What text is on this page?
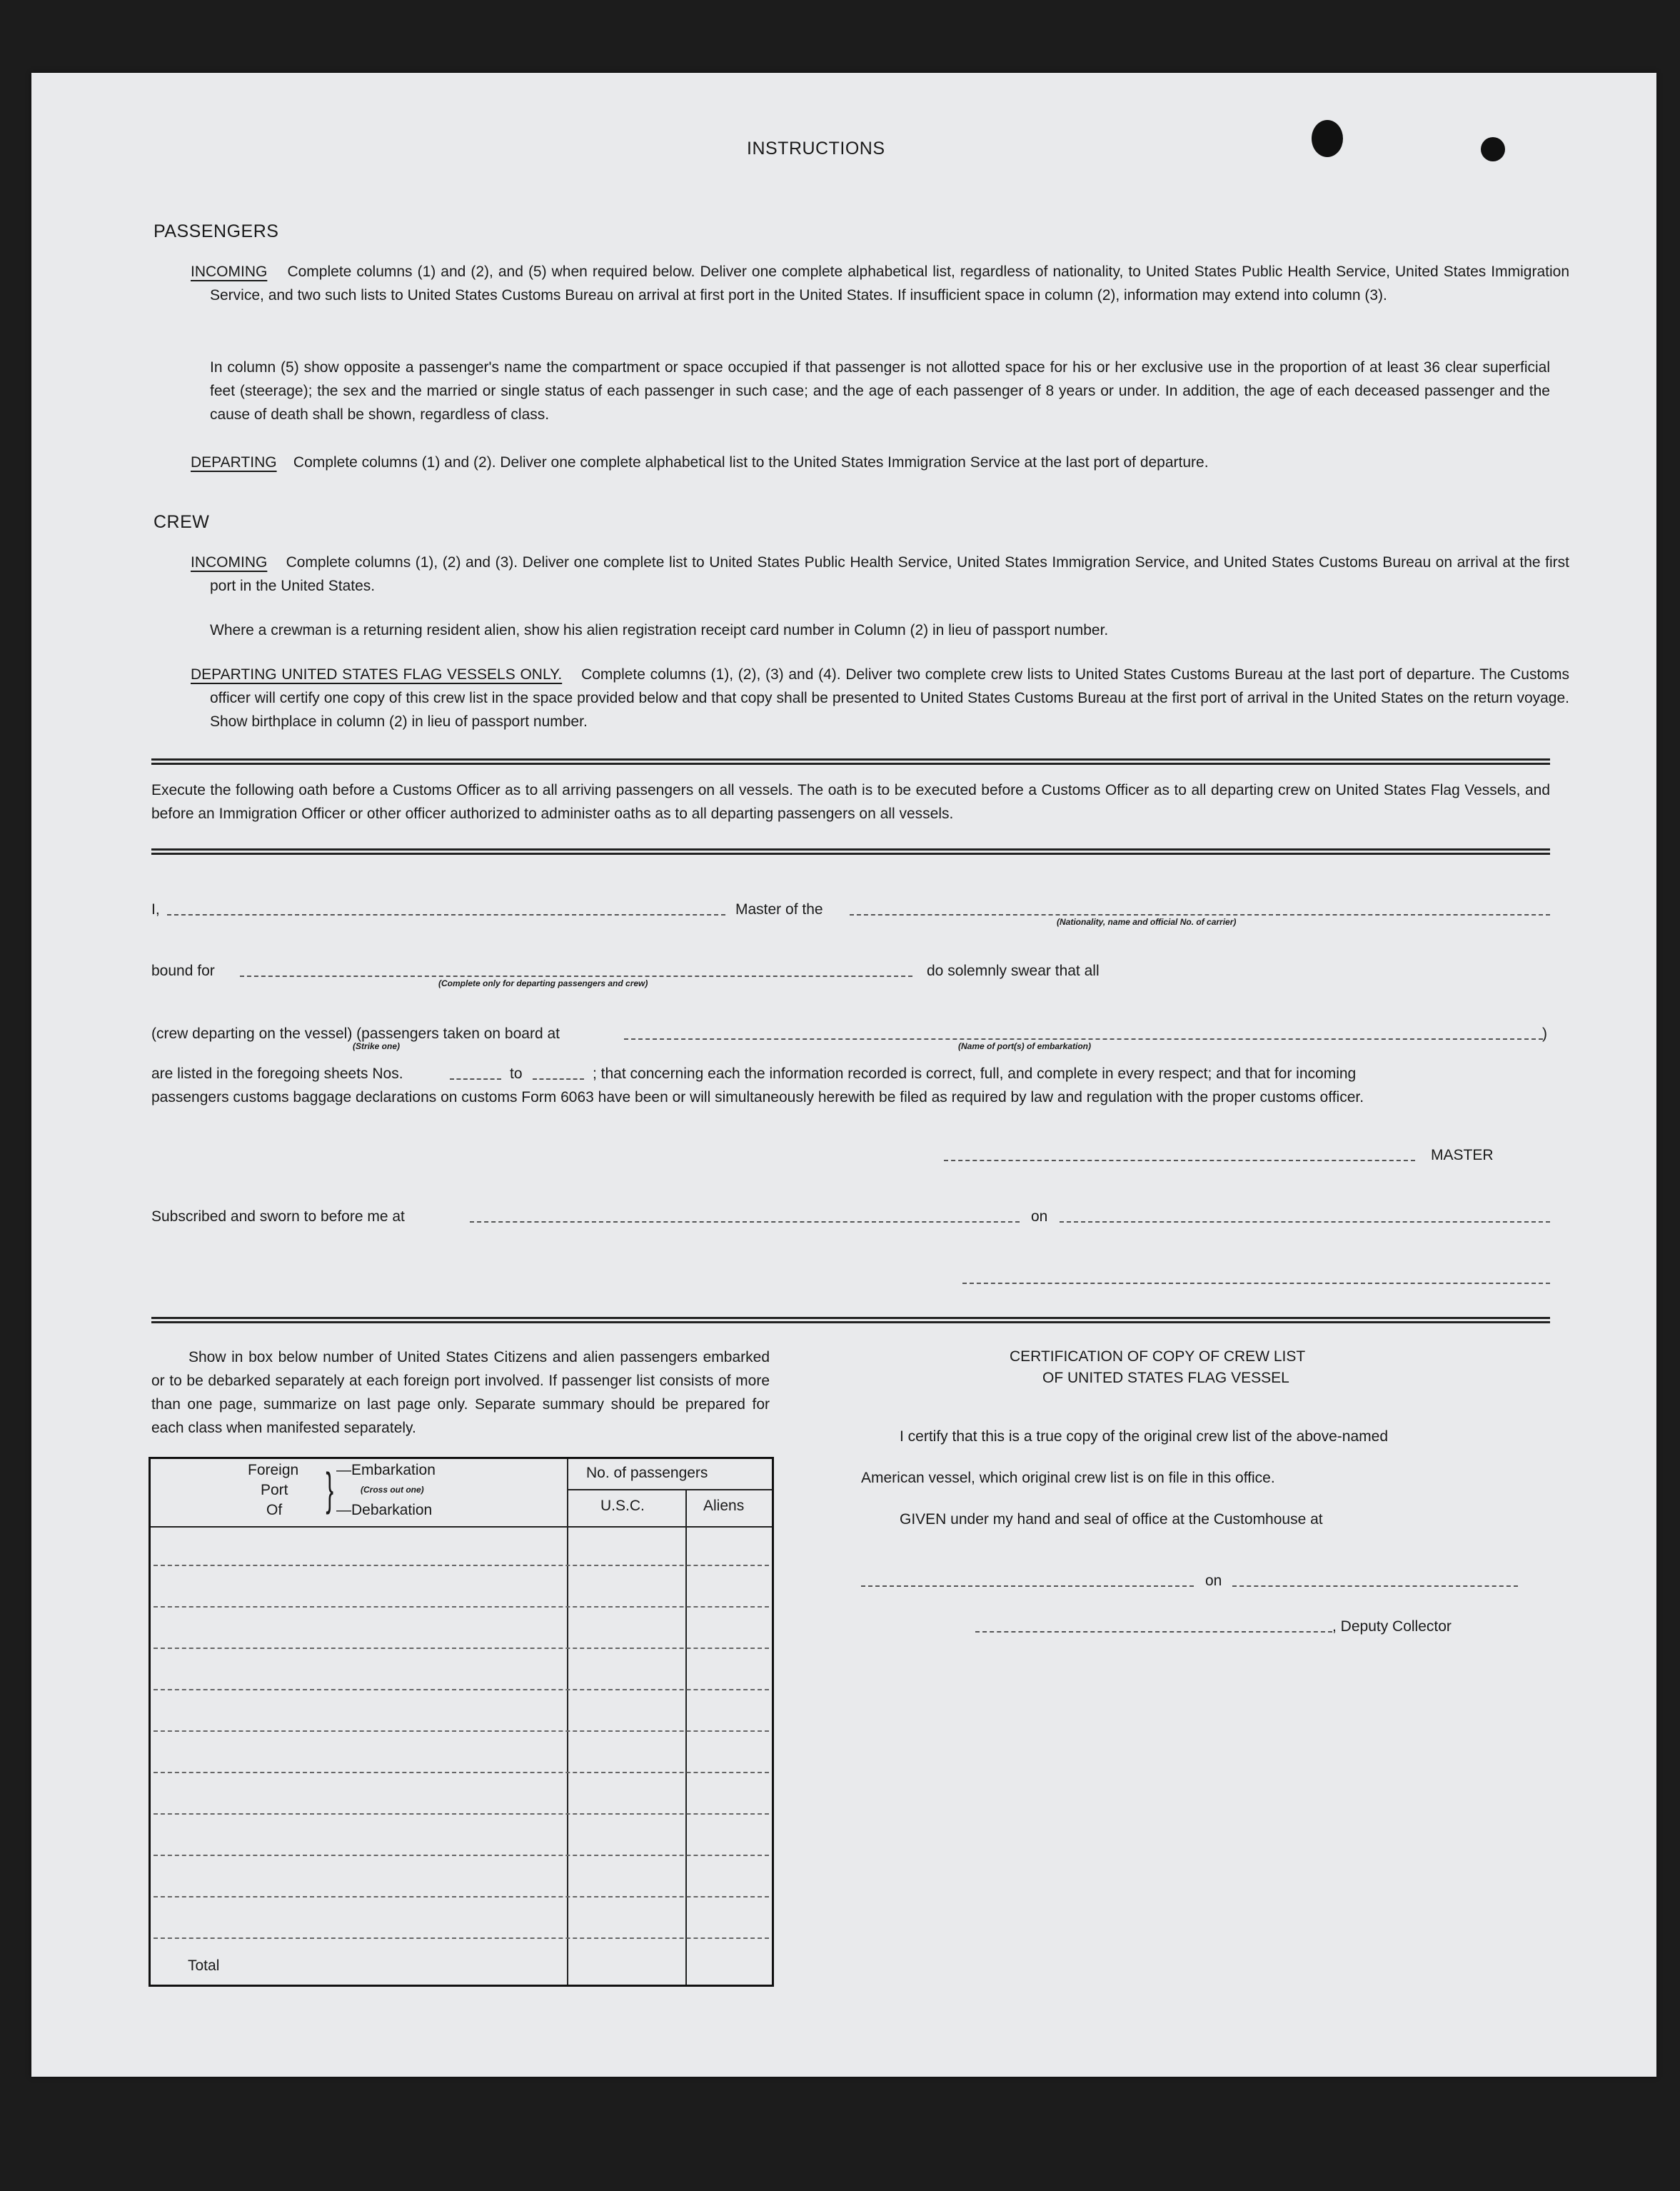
INSTRUCTIONS
PASSENGERS
INCOMING Complete columns (1) and (2), and (5) when required below. Deliver one complete alphabetical list, regardless of nationality, to United States Public Health Service, United States Immigration Service, and two such lists to United States Customs Bureau on arrival at first port in the United States. If insufficient space in column (2), information may extend into column (3).
In column (5) show opposite a passenger's name the compartment or space occupied if that passenger is not allotted space for his or her exclusive use in the proportion of at least 36 clear superficial feet (steerage); the sex and the married or single status of each passenger in such case; and the age of each passenger of 8 years or under. In addition, the age of each deceased passenger and the cause of death shall be shown, regardless of class.
DEPARTING Complete columns (1) and (2). Deliver one complete alphabetical list to the United States Immigration Service at the last port of departure.
CREW
INCOMING Complete columns (1), (2) and (3). Deliver one complete list to United States Public Health Service, United States Immigration Service, and United States Customs Bureau on arrival at the first port in the United States.
Where a crewman is a returning resident alien, show his alien registration receipt card number in Column (2) in lieu of passport number.
DEPARTING UNITED STATES FLAG VESSELS ONLY. Complete columns (1), (2), (3) and (4). Deliver two complete crew lists to United States Customs Bureau at the last port of departure. The Customs officer will certify one copy of this crew list in the space provided below and that copy shall be presented to United States Customs Bureau at the first port of arrival in the United States on the return voyage. Show birthplace in column (2) in lieu of passport number.
Execute the following oath before a Customs Officer as to all arriving passengers on all vessels. The oath is to be executed before a Customs Officer as to all departing crew on United States Flag Vessels, and before an Immigration Officer or other officer authorized to administer oaths as to all departing passengers on all vessels.
I,	Master of the
(Nationality, name and official No. of carrier)
bound for
(Complete only for departing passengers and crew)
do solemnly swear that all
(crew departing on the vessel) (passengers taken on board at	)
(Strike one)	(Name of port(s) of embarkation)
are listed in the foregoing sheets Nos.	to	; that concerning each the information recorded is correct, full, and complete in every respect; and that for incoming
passengers customs baggage declarations on customs Form 6063 have been or will simultaneously herewith be filed as required by law and regulation with the proper customs officer.
MASTER
Subscribed and sworn to before me at	on
Show in box below number of United States Citizens and alien passengers embarked or to be debarked separately at each foreign port involved. If passenger list consists of more than one page, summarize on last page only. Separate summary should be prepared for each class when manifested separately.
Foreign
Port
Of } —Embarkation
(Cross out one)
—Debarkation
No. of passengers
U.S.C.	Aliens
Total
CERTIFICATION OF COPY OF CREW LIST
OF UNITED STATES FLAG VESSEL
I certify that this is a true copy of the original crew list of the above-named
American vessel, which original crew list is on file in this office.
GIVEN under my hand and seal of office at the Customhouse at
on
, Deputy Collector
